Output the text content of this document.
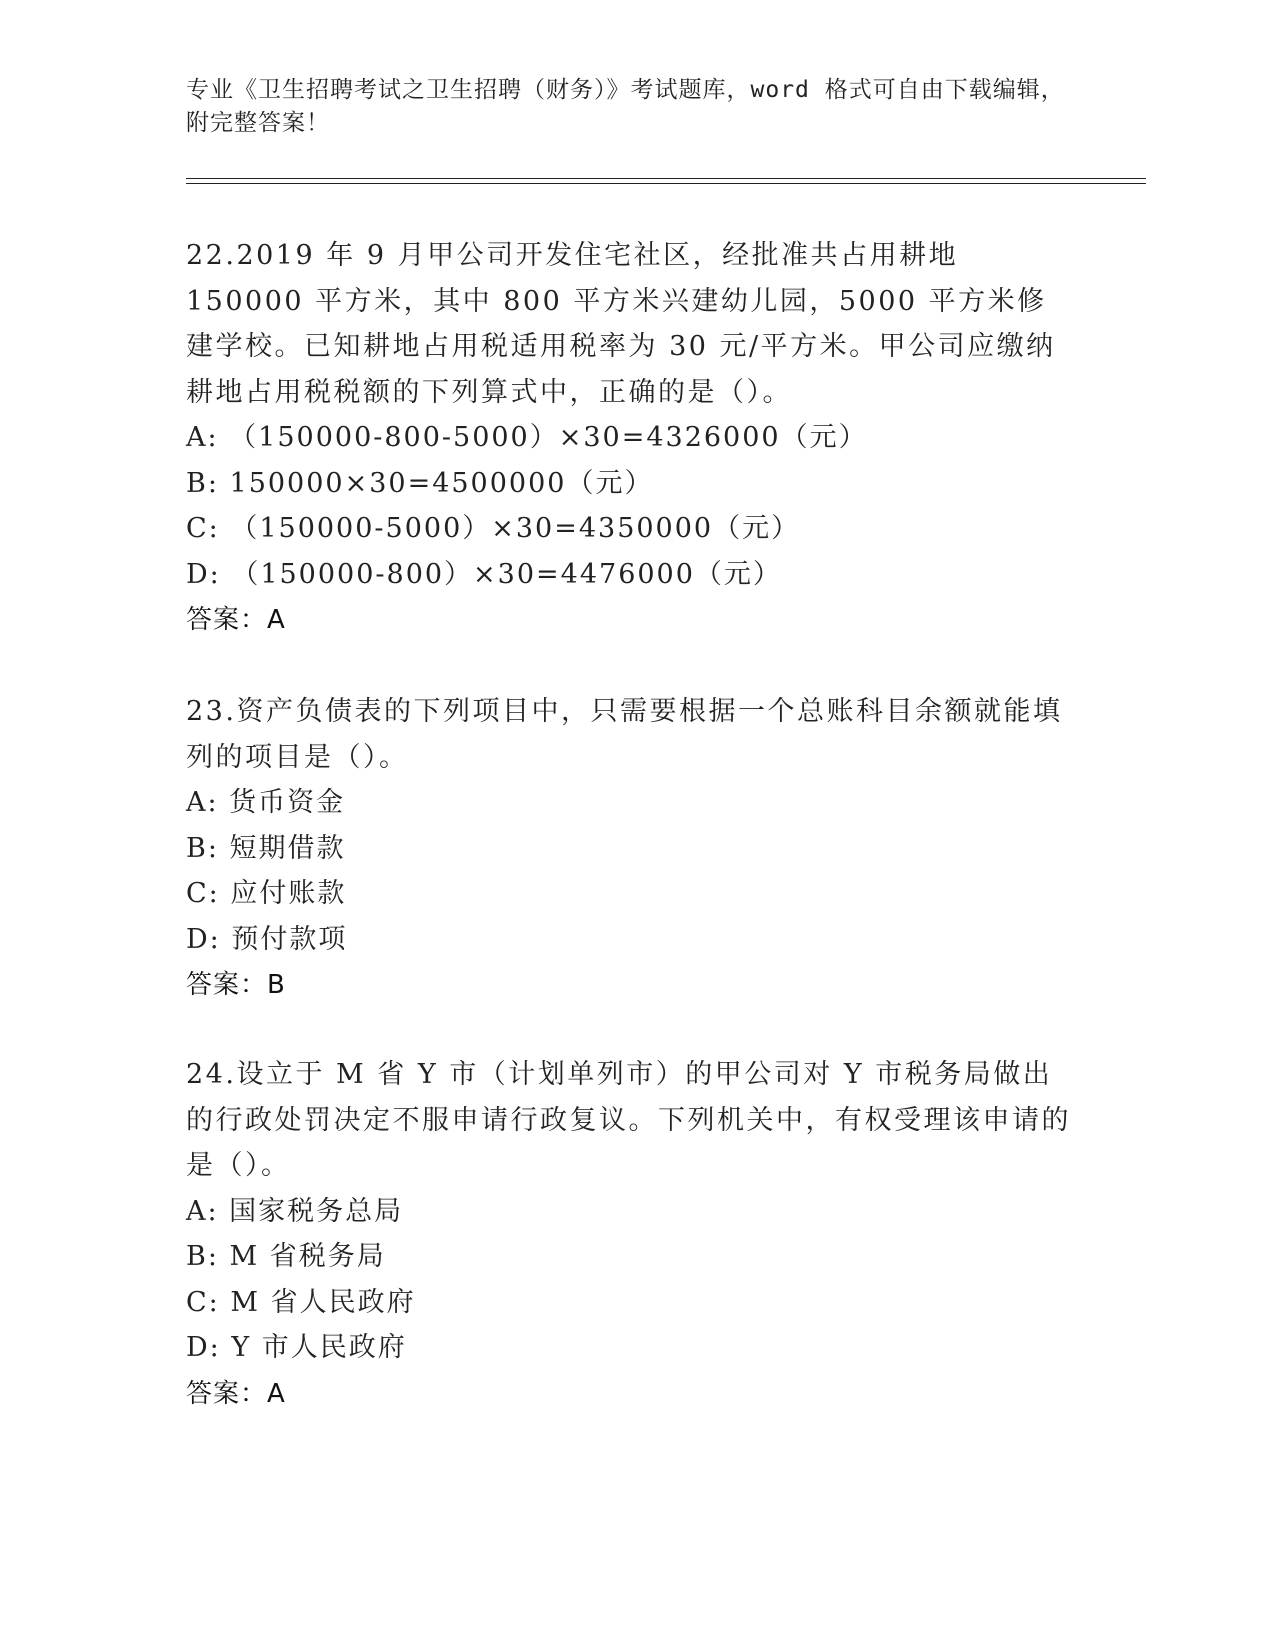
专业《卫生招聘考试之卫生招聘（财务）》考试题库，word 格式可自由下载编辑，附完整答案！

22.2019 年 9 月甲公司开发住宅社区，经批准共占用耕地 150000 平方米，其中 800 平方米兴建幼儿园，5000 平方米修建学校。已知耕地占用税适用税率为 30 元/平方米。甲公司应缴纳耕地占用税税额的下列算式中，正确的是（）。

A: （150000-800-5000）×30=4326000（元）

B: 150000×30=4500000（元）

C: （150000-5000）×30=4350000（元）

D: （150000-800）×30=4476000（元）

答案：A

23.资产负债表的下列项目中，只需要根据一个总账科目余额就能填列的项目是（）。

A: 货币资金

B: 短期借款

C: 应付账款

D: 预付款项

答案：B

24.设立于 M 省 Y 市（计划单列市）的甲公司对 Y 市税务局做出的行政处罚决定不服申请行政复议。下列机关中，有权受理该申请的是（）。

A: 国家税务总局

B: M 省税务局

C: M 省人民政府

D: Y 市人民政府

答案：A
